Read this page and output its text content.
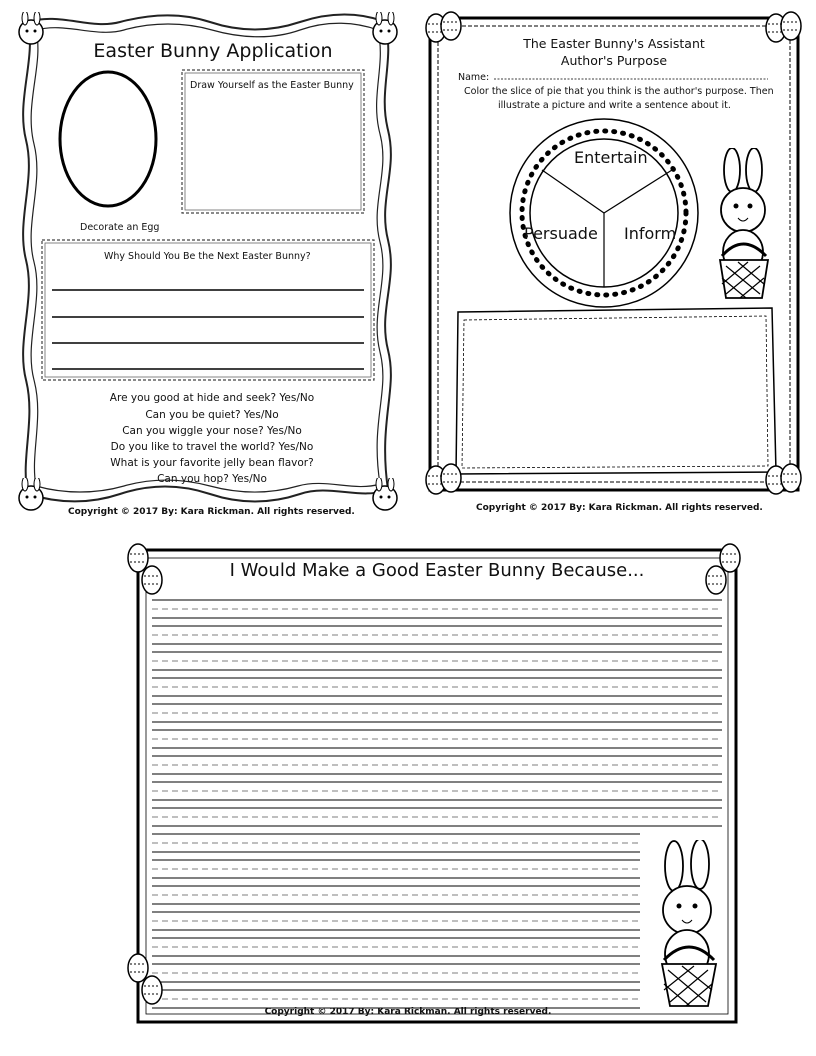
Easter Bunny Application
Draw Yourself as the Easter Bunny
Decorate an Egg
Why Should You Be the Next Easter Bunny?
Are you good at hide and seek? Yes/No
Can you be quiet? Yes/No
Can you wiggle your nose? Yes/No
Do you like to travel the world? Yes/No
What is your favorite jelly bean flavor?
Can you hop? Yes/No
Copyright © 2017 By: Kara Rickman. All rights reserved.
The Easter Bunny's Assistant
Author's Purpose
Name:
Color the slice of pie that you think is the author's purpose. Then
illustrate a picture and write a sentence about it.
Entertain
Persuade Inform
Copyright © 2017 By: Kara Rickman. All rights reserved.
I Would Make a Good Easter Bunny Because...
Copyright © 2017 By: Kara Rickman. All rights reserved.
